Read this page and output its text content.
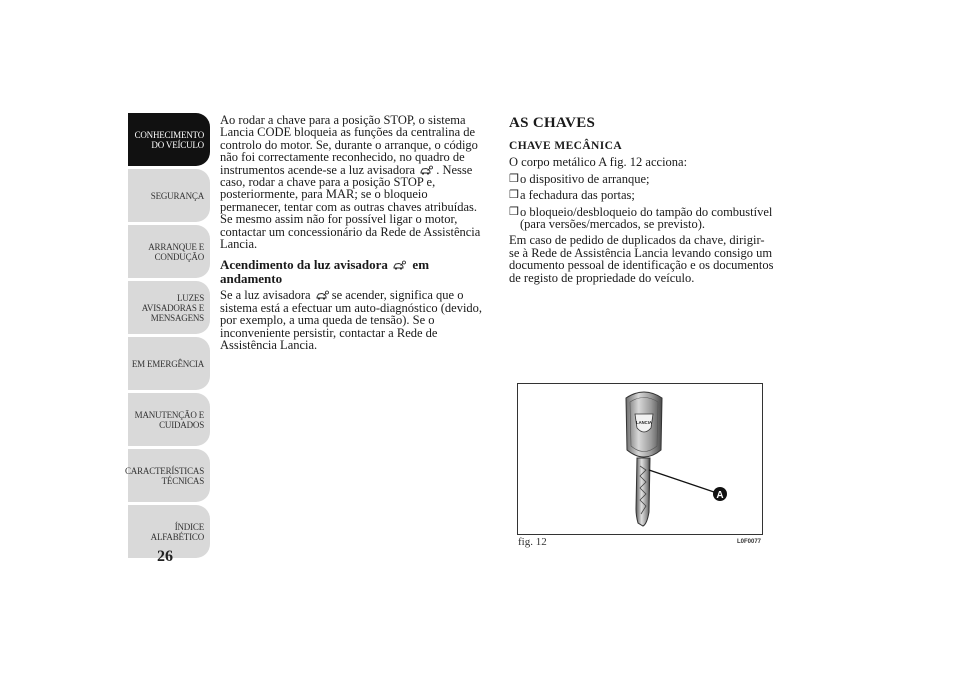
CONHECIMENTO
DO VEÍCULO
SEGURANÇA
ARRANQUE E
CONDUÇÃO
LUZES
AVISADORAS E
MENSAGENS
EM EMERGÊNCIA
MANUTENÇÃO E
CUIDADOS
CARACTERÍSTICAS
TÉCNICAS
ÍNDICE
ALFABÉTICO
26

Ao rodar a chave para a posição STOP, o sistema Lancia CODE bloqueia as funções da centralina de controlo do motor. Se, durante o arranque, o código não foi correctamente reconhecido, no quadro de instrumentos acende-se a luz avisadora . Nesse caso, rodar a chave para a posição STOP e, posteriormente, para MAR; se o bloqueio permanecer, tentar com as outras chaves atribuídas. Se mesmo assim não for possível ligar o motor, contactar um concessionário da Rede de Assistência Lancia.

Acendimento da luz avisadora em andamento

Se a luz avisadora se acender, significa que o sistema está a efectuar um auto-diagnóstico (devido, por exemplo, a uma queda de tensão). Se o inconveniente persistir, contactar a Rede de Assistência Lancia.

AS CHAVES
CHAVE MECÂNICA

O corpo metálico A fig. 12 acciona:

❒ o dispositivo de arranque;
❒ a fechadura das portas;
❒ o bloqueio/desbloqueio do tampão do combustível (para versões/mercados, se previsto).

Em caso de pedido de duplicados da chave, dirigir-se à Rede de Assistência Lancia levando consigo um documento pessoal de identificação e os documentos de registo de propriedade do veículo.

LANCIA
A
fig. 12	L0F0077
